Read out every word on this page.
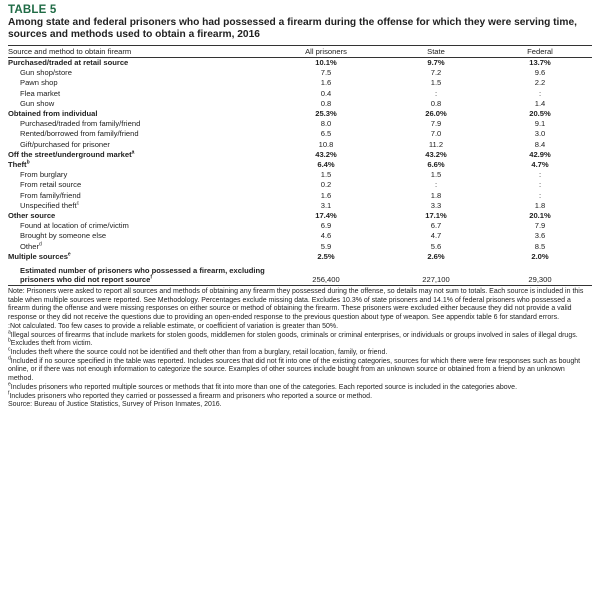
TABLE 5
Among state and federal prisoners who had possessed a firearm during the offense for which they were serving time, sources and methods used to obtain a firearm, 2016
Source and method to obtain firearm	All prisoners	State	Federal
Purchased/traded at retail source	10.1%	9.7%	13.7%
Gun shop/store	7.5	7.2	9.6
Pawn shop	1.6	1.5	2.2
Flea market	0.4	:	:
Gun show	0.8	0.8	1.4
Obtained from individual	25.3%	26.0%	20.5%
Purchased/traded from family/friend	8.0	7.9	9.1
Rented/borrowed from family/friend	6.5	7.0	3.0
Gift/purchased for prisoner	10.8	11.2	8.4
Off the street/underground market$^a$	43.2%	43.2%	42.9%
Theft$^b$	6.4%	6.6%	4.7%
From burglary	1.5	1.5	:
From retail source	0.2	:	:
From family/friend	1.6	1.8	:
Unspecified theft$^c$	3.1	3.3	1.8
Other source	17.4%	17.1%	20.1%
Found at location of crime/victim	6.9	6.7	7.9
Brought by someone else	4.6	4.7	3.6
Other$^d$	5.9	5.6	8.5
Multiple sources$^e$	2.5%	2.6%	2.0%
Estimated number of prisoners who possessed a firearm, excluding prisoners who did not report source$^f$	256,400	227,100	29,300

Note: Prisoners were asked to report all sources and methods of obtaining any firearm they possessed during the offense, so details may not sum to totals. Each source is included in this table when multiple sources were reported. See Methodology. Percentages exclude missing data. Excludes 10.3% of state prisoners and 14.1% of federal prisoners who possessed a firearm during the offense and were missing responses on either source or method of obtaining the firearm. These prisoners were excluded either because they did not provide a valid response or they did not receive the questions due to providing an open-ended response to the previous question about type of weapon. See appendix table 6 for standard errors.

:Not calculated. Too few cases to provide a reliable estimate, or coefficient of variation is greater than 50%.

$^a$Illegal sources of firearms that include markets for stolen goods, middlemen for stolen goods, criminals or criminal enterprises, or individuals or groups involved in sales of illegal drugs.

$^b$Excludes theft from victim.

$^c$Includes theft where the source could not be identified and theft other than from a burglary, retail location, family, or friend.

$^d$Included if no source specified in the table was reported. Includes sources that did not fit into one of the existing categories, sources for which there were few responses such as bought online, or if there was not enough information to categorize the source. Examples of other sources include bought from an unknown source or obtained from a friend by an unknown method.

$^e$Includes prisoners who reported multiple sources or methods that fit into more than one of the categories. Each reported source is included in the categories above.

$^f$Includes prisoners who reported they carried or possessed a firearm and prisoners who reported a source or method.

Source: Bureau of Justice Statistics, Survey of Prison Inmates, 2016.
